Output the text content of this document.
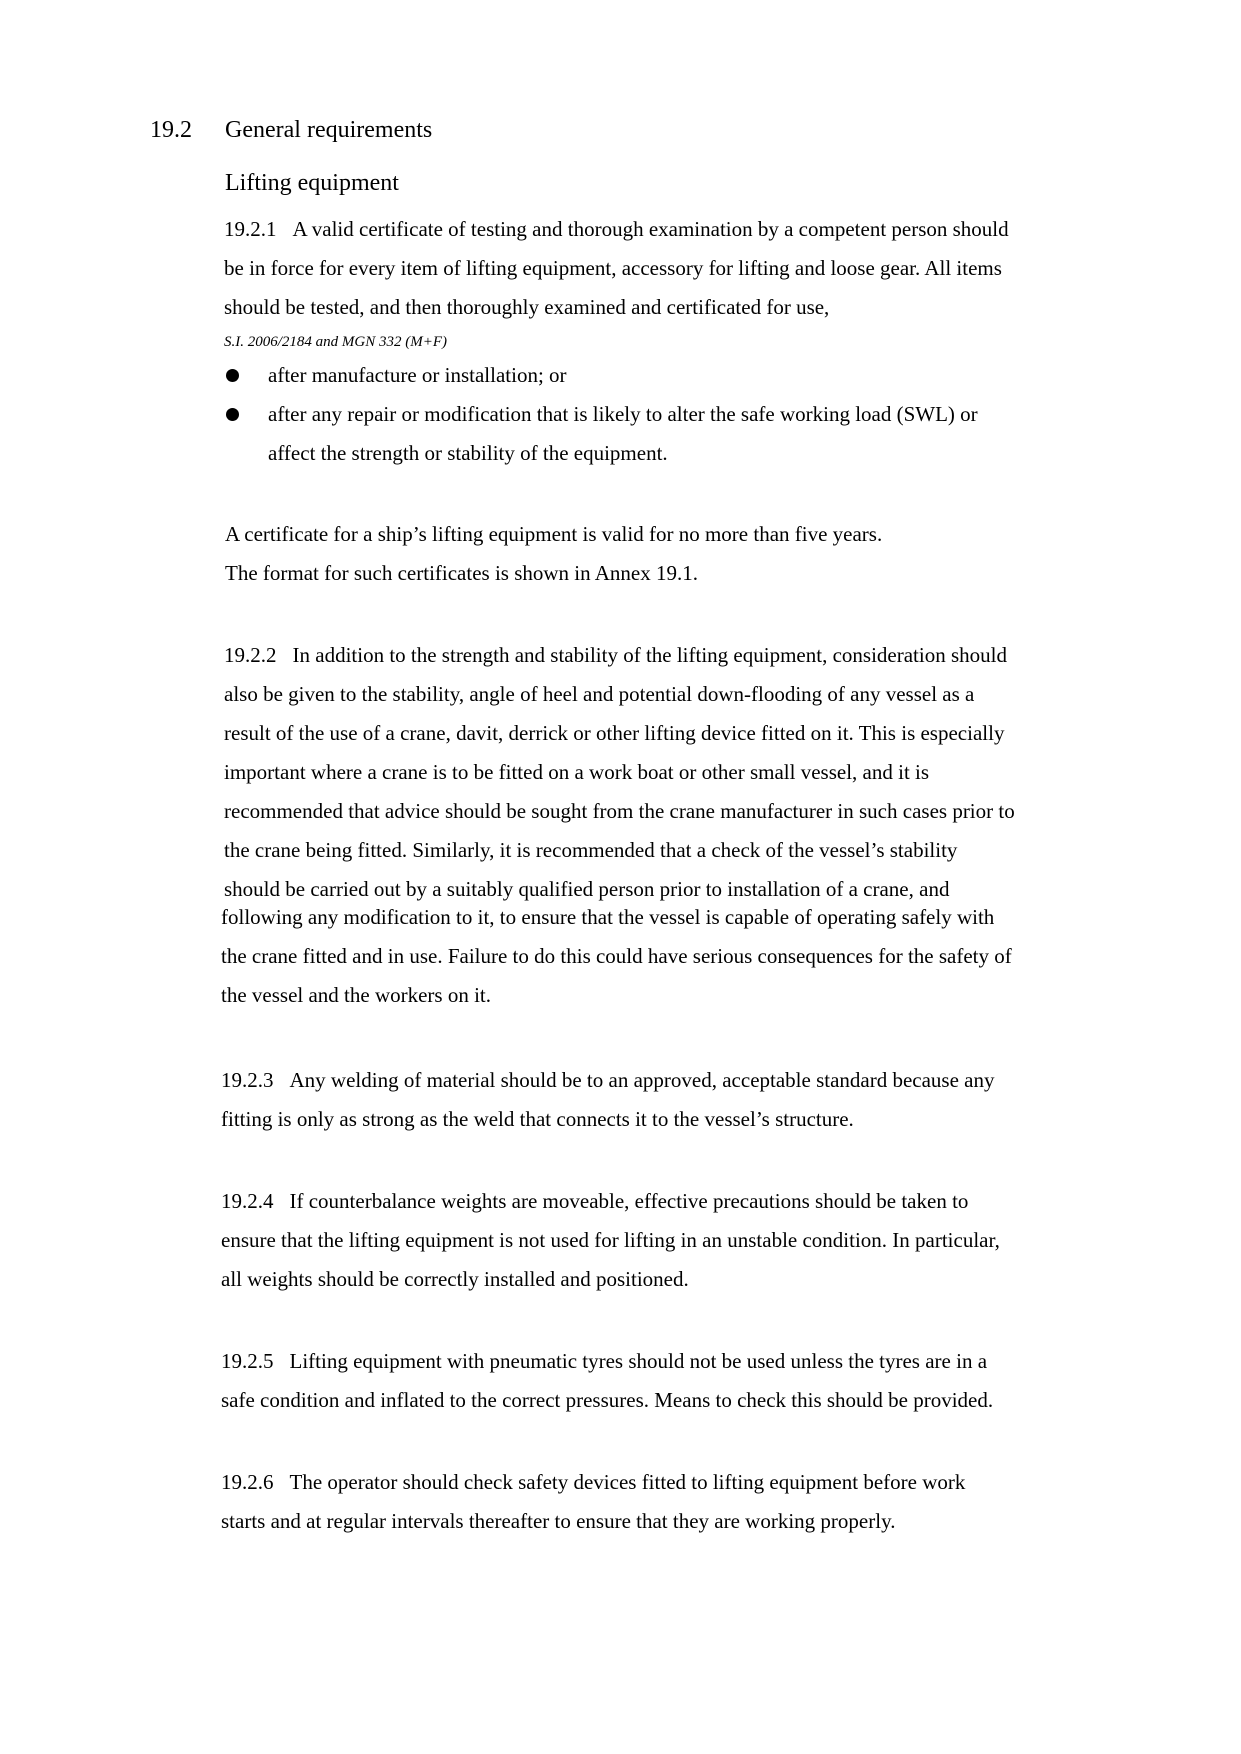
19.2 General requirements
Lifting equipment
19.2.1 A valid certificate of testing and thorough examination by a competent person should
be in force for every item of lifting equipment, accessory for lifting and loose gear. All items
should be tested, and then thoroughly examined and certificated for use,
S.I. 2006/2184 and MGN 332 (M+F)
after manufacture or installation; or
after any repair or modification that is likely to alter the safe working load (SWL) or
affect the strength or stability of the equipment.
A certificate for a ship’s lifting equipment is valid for no more than five years.
The format for such certificates is shown in Annex 19.1.
19.2.2 In addition to the strength and stability of the lifting equipment, consideration should
also be given to the stability, angle of heel and potential down-flooding of any vessel as a
result of the use of a crane, davit, derrick or other lifting device fitted on it. This is especially
important where a crane is to be fitted on a work boat or other small vessel, and it is
recommended that advice should be sought from the crane manufacturer in such cases prior to
the crane being fitted. Similarly, it is recommended that a check of the vessel’s stability
should be carried out by a suitably qualified person prior to installation of a crane, and
following any modification to it, to ensure that the vessel is capable of operating safely with
the crane fitted and in use. Failure to do this could have serious consequences for the safety of
the vessel and the workers on it.
19.2.3 Any welding of material should be to an approved, acceptable standard because any
fitting is only as strong as the weld that connects it to the vessel’s structure.
19.2.4 If counterbalance weights are moveable, effective precautions should be taken to
ensure that the lifting equipment is not used for lifting in an unstable condition. In particular,
all weights should be correctly installed and positioned.
19.2.5 Lifting equipment with pneumatic tyres should not be used unless the tyres are in a
safe condition and inflated to the correct pressures. Means to check this should be provided.
19.2.6 The operator should check safety devices fitted to lifting equipment before work
starts and at regular intervals thereafter to ensure that they are working properly.
